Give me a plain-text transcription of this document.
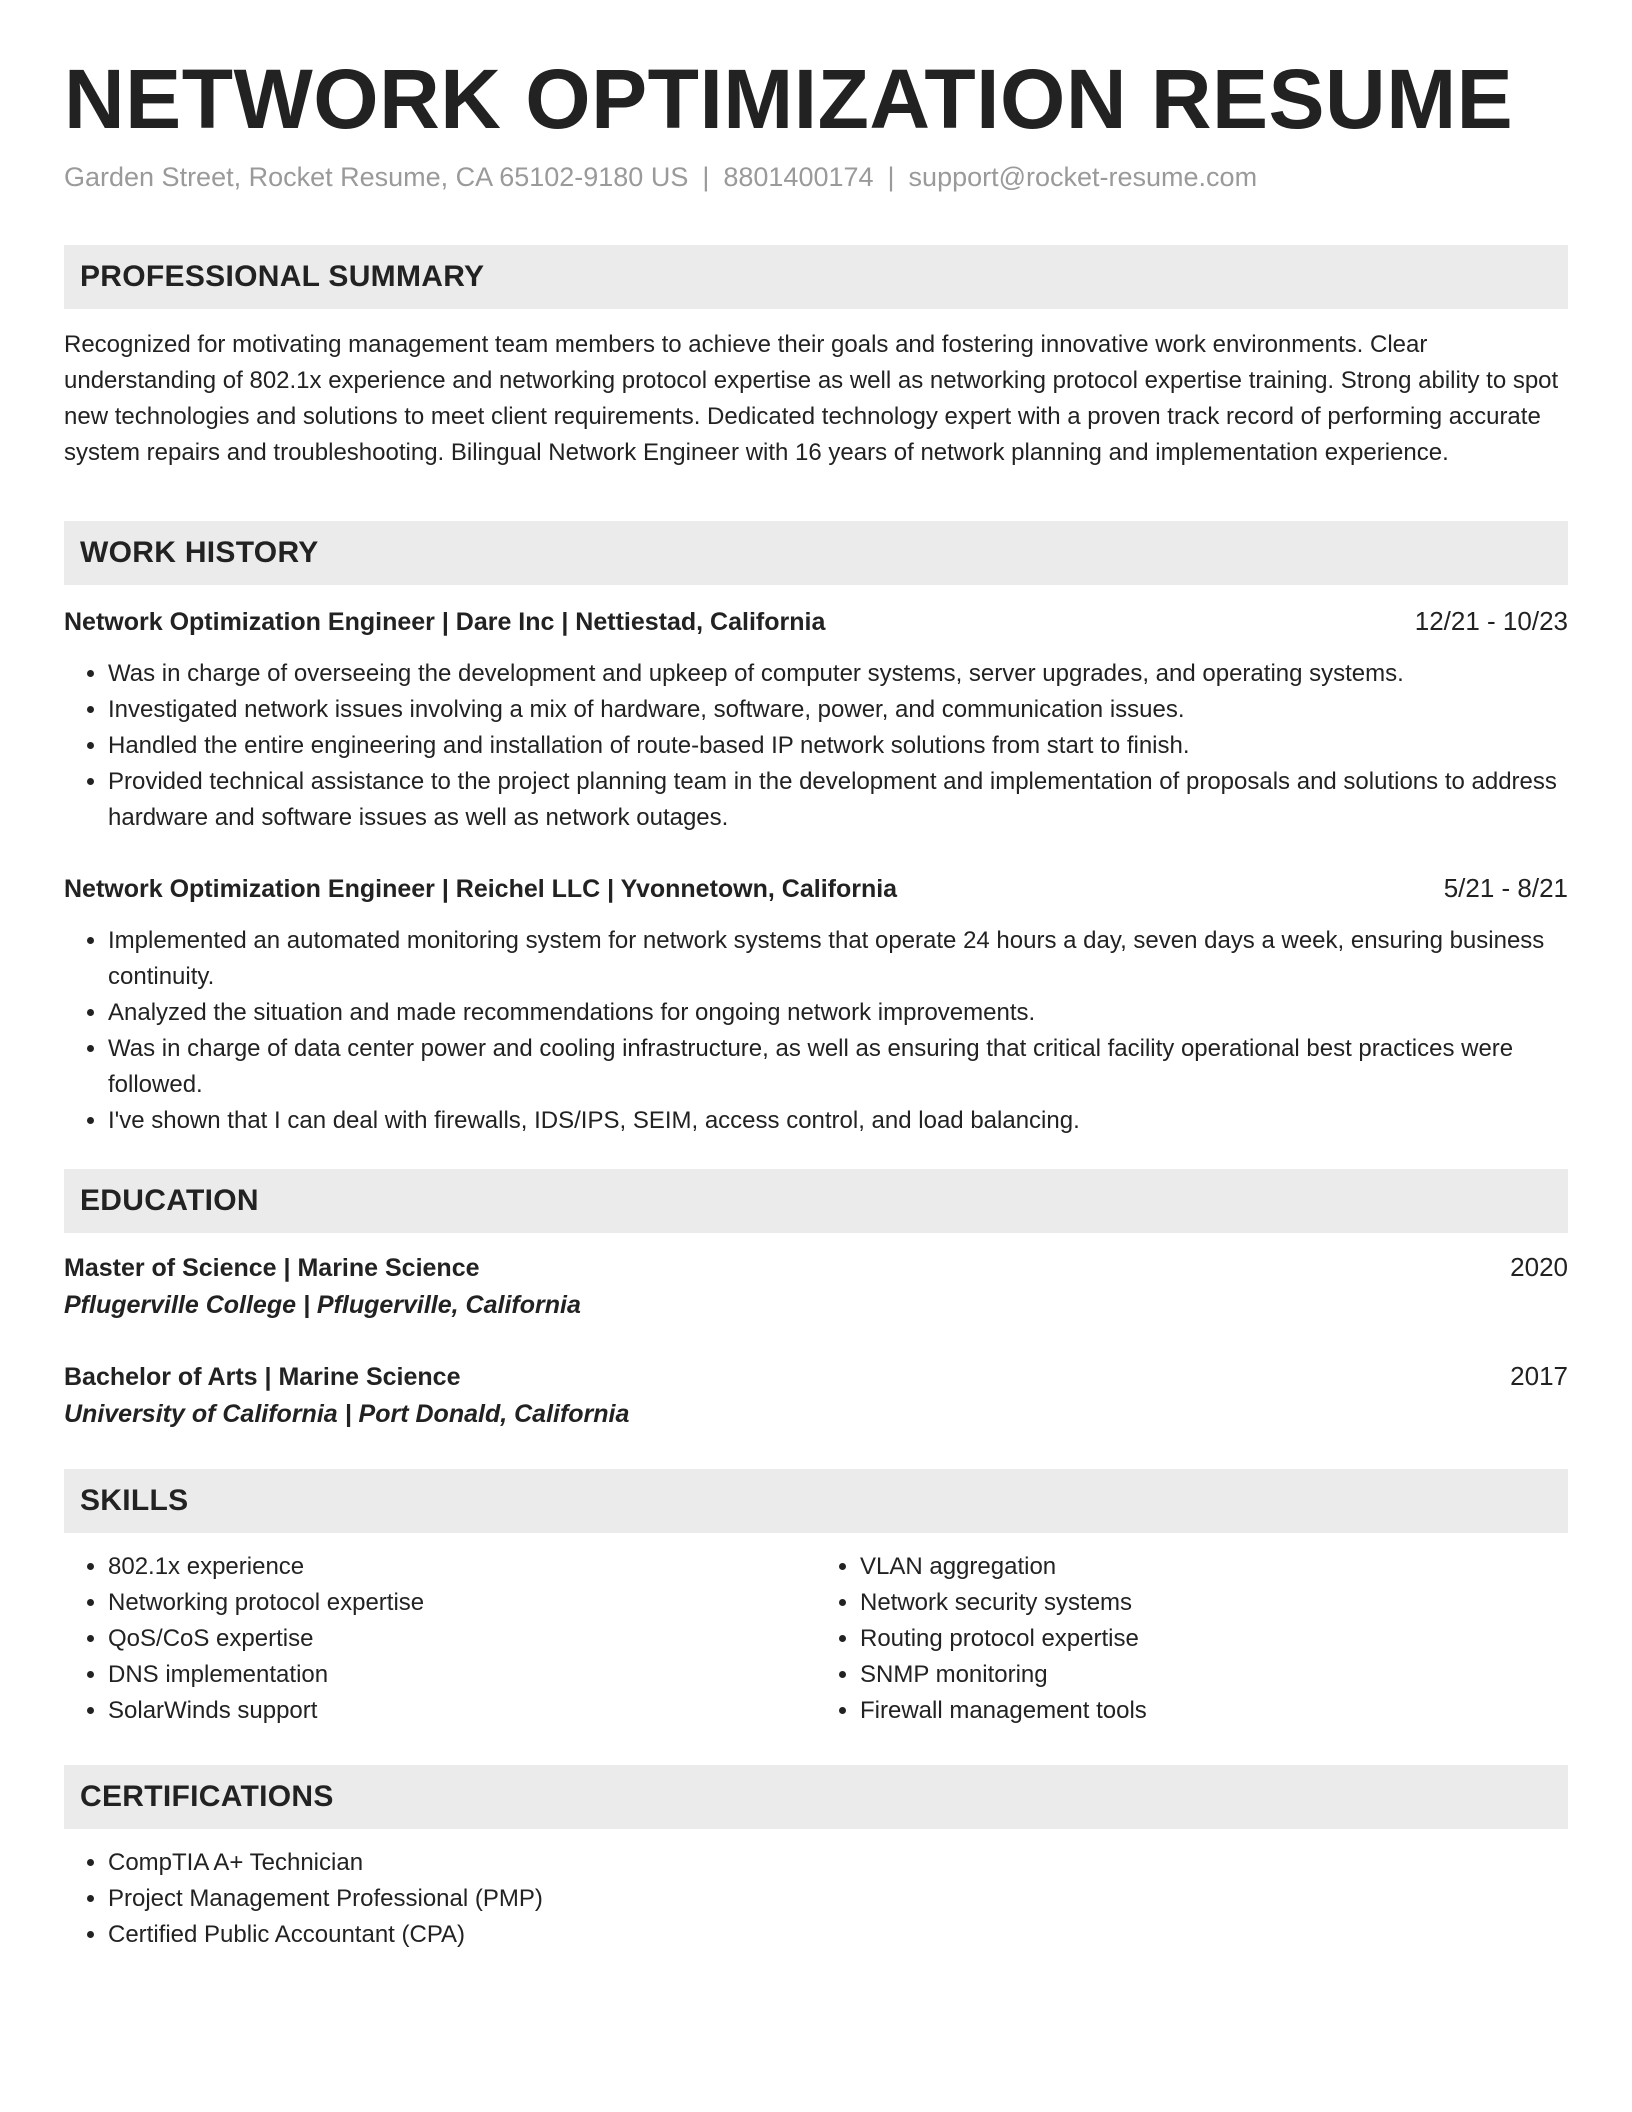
NETWORK OPTIMIZATION RESUME
Garden Street, Rocket Resume, CA 65102-9180 US | 8801400174 | support@rocket-resume.com
PROFESSIONAL SUMMARY
Recognized for motivating management team members to achieve their goals and fostering innovative work environments. Clear understanding of 802.1x experience and networking protocol expertise as well as networking protocol expertise training. Strong ability to spot new technologies and solutions to meet client requirements. Dedicated technology expert with a proven track record of performing accurate system repairs and troubleshooting. Bilingual Network Engineer with 16 years of network planning and implementation experience.
WORK HISTORY
Network Optimization Engineer | Dare Inc | Nettiestad, California	12/21 - 10/23
• Was in charge of overseeing the development and upkeep of computer systems, server upgrades, and operating systems.
• Investigated network issues involving a mix of hardware, software, power, and communication issues.
• Handled the entire engineering and installation of route-based IP network solutions from start to finish.
• Provided technical assistance to the project planning team in the development and implementation of proposals and solutions to address hardware and software issues as well as network outages.
Network Optimization Engineer | Reichel LLC | Yvonnetown, California	5/21 - 8/21
• Implemented an automated monitoring system for network systems that operate 24 hours a day, seven days a week, ensuring business continuity.
• Analyzed the situation and made recommendations for ongoing network improvements.
• Was in charge of data center power and cooling infrastructure, as well as ensuring that critical facility operational best practices were followed.
• I've shown that I can deal with firewalls, IDS/IPS, SEIM, access control, and load balancing.
EDUCATION
Master of Science | Marine Science	2020
Pflugerville College | Pflugerville, California
Bachelor of Arts | Marine Science	2017
University of California | Port Donald, California
SKILLS
• 802.1x experience
• Networking protocol expertise
• QoS/CoS expertise
• DNS implementation
• SolarWinds support
• VLAN aggregation
• Network security systems
• Routing protocol expertise
• SNMP monitoring
• Firewall management tools
CERTIFICATIONS
• CompTIA A+ Technician
• Project Management Professional (PMP)
• Certified Public Accountant (CPA)
